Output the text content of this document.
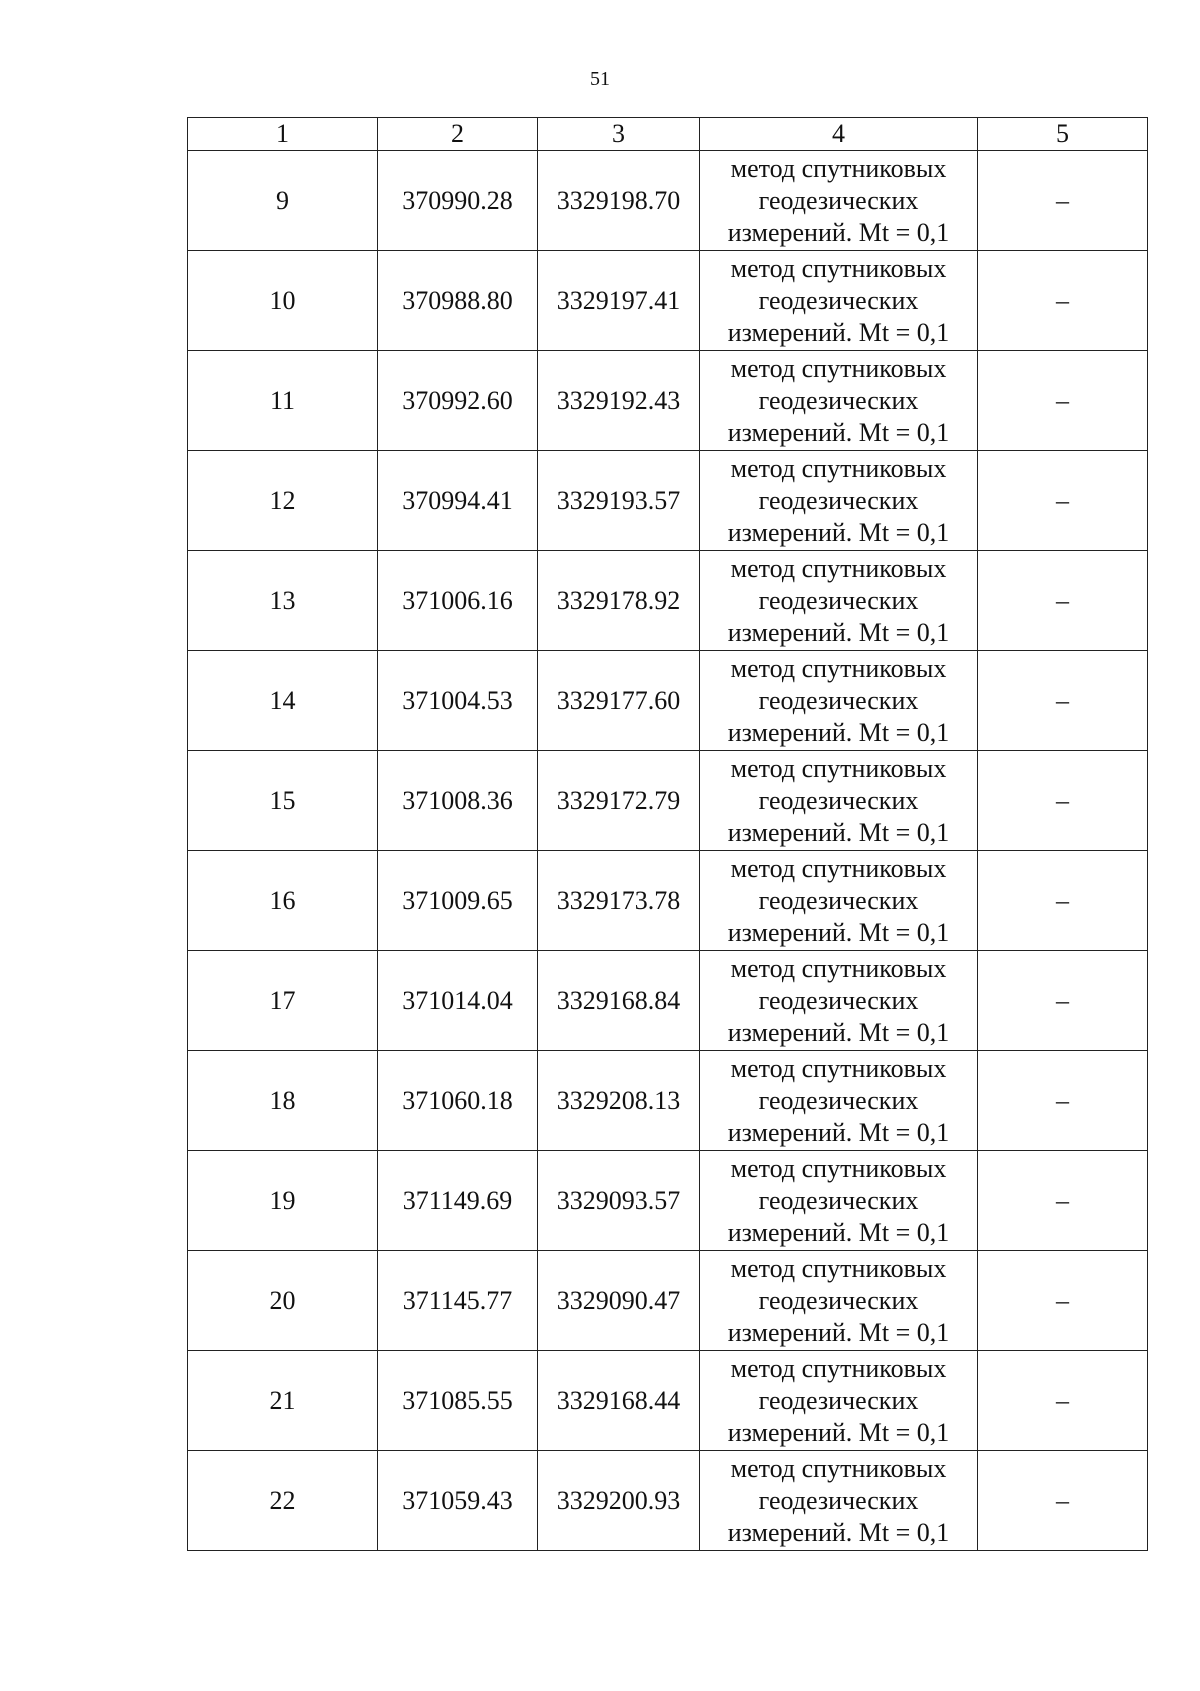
51
1	2	3	4	5
9	370990.28	3329198.70	метод спутниковых геодезических измерений. Mt = 0,1	–
10	370988.80	3329197.41	метод спутниковых геодезических измерений. Mt = 0,1	–
11	370992.60	3329192.43	метод спутниковых геодезических измерений. Mt = 0,1	–
12	370994.41	3329193.57	метод спутниковых геодезических измерений. Mt = 0,1	–
13	371006.16	3329178.92	метод спутниковых геодезических измерений. Mt = 0,1	–
14	371004.53	3329177.60	метод спутниковых геодезических измерений. Mt = 0,1	–
15	371008.36	3329172.79	метод спутниковых геодезических измерений. Mt = 0,1	–
16	371009.65	3329173.78	метод спутниковых геодезических измерений. Mt = 0,1	–
17	371014.04	3329168.84	метод спутниковых геодезических измерений. Mt = 0,1	–
18	371060.18	3329208.13	метод спутниковых геодезических измерений. Mt = 0,1	–
19	371149.69	3329093.57	метод спутниковых геодезических измерений. Mt = 0,1	–
20	371145.77	3329090.47	метод спутниковых геодезических измерений. Mt = 0,1	–
21	371085.55	3329168.44	метод спутниковых геодезических измерений. Mt = 0,1	–
22	371059.43	3329200.93	метод спутниковых геодезических измерений. Mt = 0,1	–
